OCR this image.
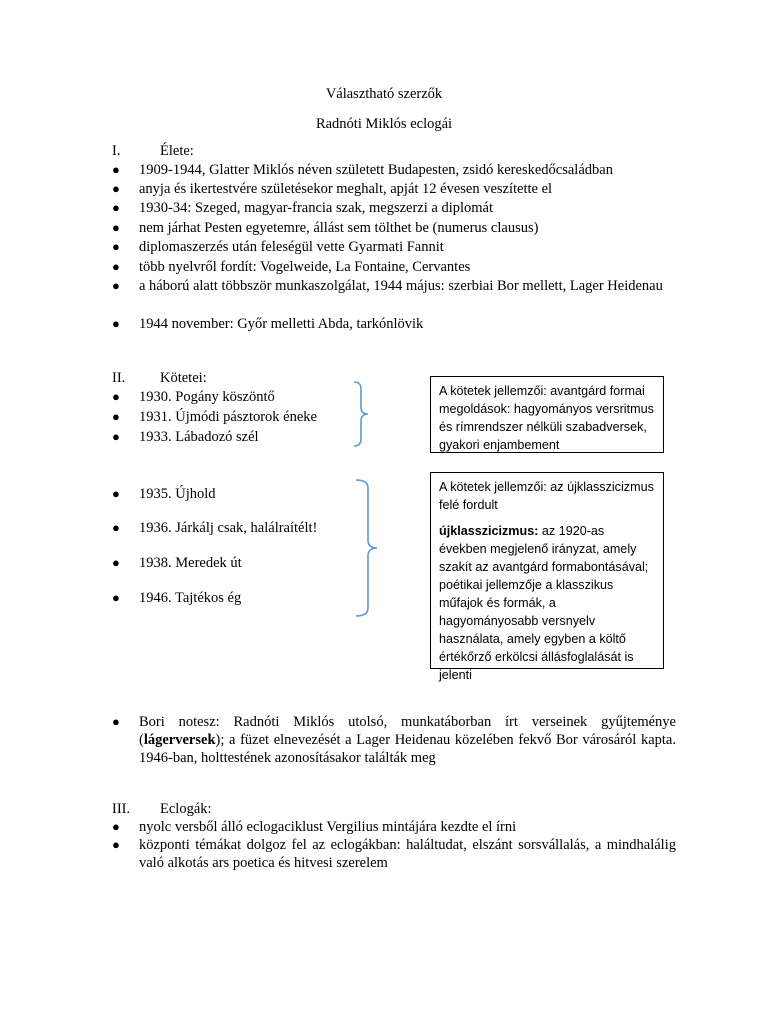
Választható szerzők
Radnóti Miklós eclogái
I.	Élete:
● 1909-1944, Glatter Miklós néven született Budapesten, zsidó kereskedőcsaládban
● anyja és ikertestvére születésekor meghalt, apját 12 évesen veszítette el
● 1930-34: Szeged, magyar-francia szak, megszerzi a diplomát
● nem járhat Pesten egyetemre, állást sem tölthet be (numerus clausus)
● diplomaszerzés után feleségül vette Gyarmati Fannit
● több nyelvről fordít: Vogelweide, La Fontaine, Cervantes
● a háború alatt többször munkaszolgálat, 1944 május: szerbiai Bor mellett, Lager Heidenau
● 1944 november: Győr melletti Abda, tarkónlövik
II. Kötetei:
● 1930. Pogány köszöntő
● 1931. Újmódi pásztorok éneke
● 1933. Lábadozó szél

A kötetek jellemzői: avantgárd formai megoldások: hagyományos versritmus és rímrendszer nélküli szabadversek, gyakori enjambement

● 1935. Újhold
● 1936. Járkálj csak, halálraítélt!
● 1938. Meredek út
● 1946. Tajtékos ég

A kötetek jellemzői: az újklasszicizmus felé fordult

újklasszicizmus: az 1920-as években megjelenő irányzat, amely szakít az avantgárd formabontásával; poétikai jellemzője a klasszikus műfajok és formák, a hagyományosabb versnyelv használata, amely egyben a költő értékőrző erkölcsi állásfoglalását is jelenti

● Bori notesz: Radnóti Miklós utolsó, munkatáborban írt verseinek gyűjteménye (lágerversek); a füzet elnevezését a Lager Heidenau közelében fekvő Bor városáról kapta. 1946-ban, holttestének azonosításakor találták meg
III. Eclogák:
● nyolc versből álló eclogaciklust Vergilius mintájára kezdte el írni
● központi témákat dolgoz fel az eclogákban: haláltudat, elszánt sorsvállalás, a mindhalálig való alkotás ars poetica és hitvesi szerelem
